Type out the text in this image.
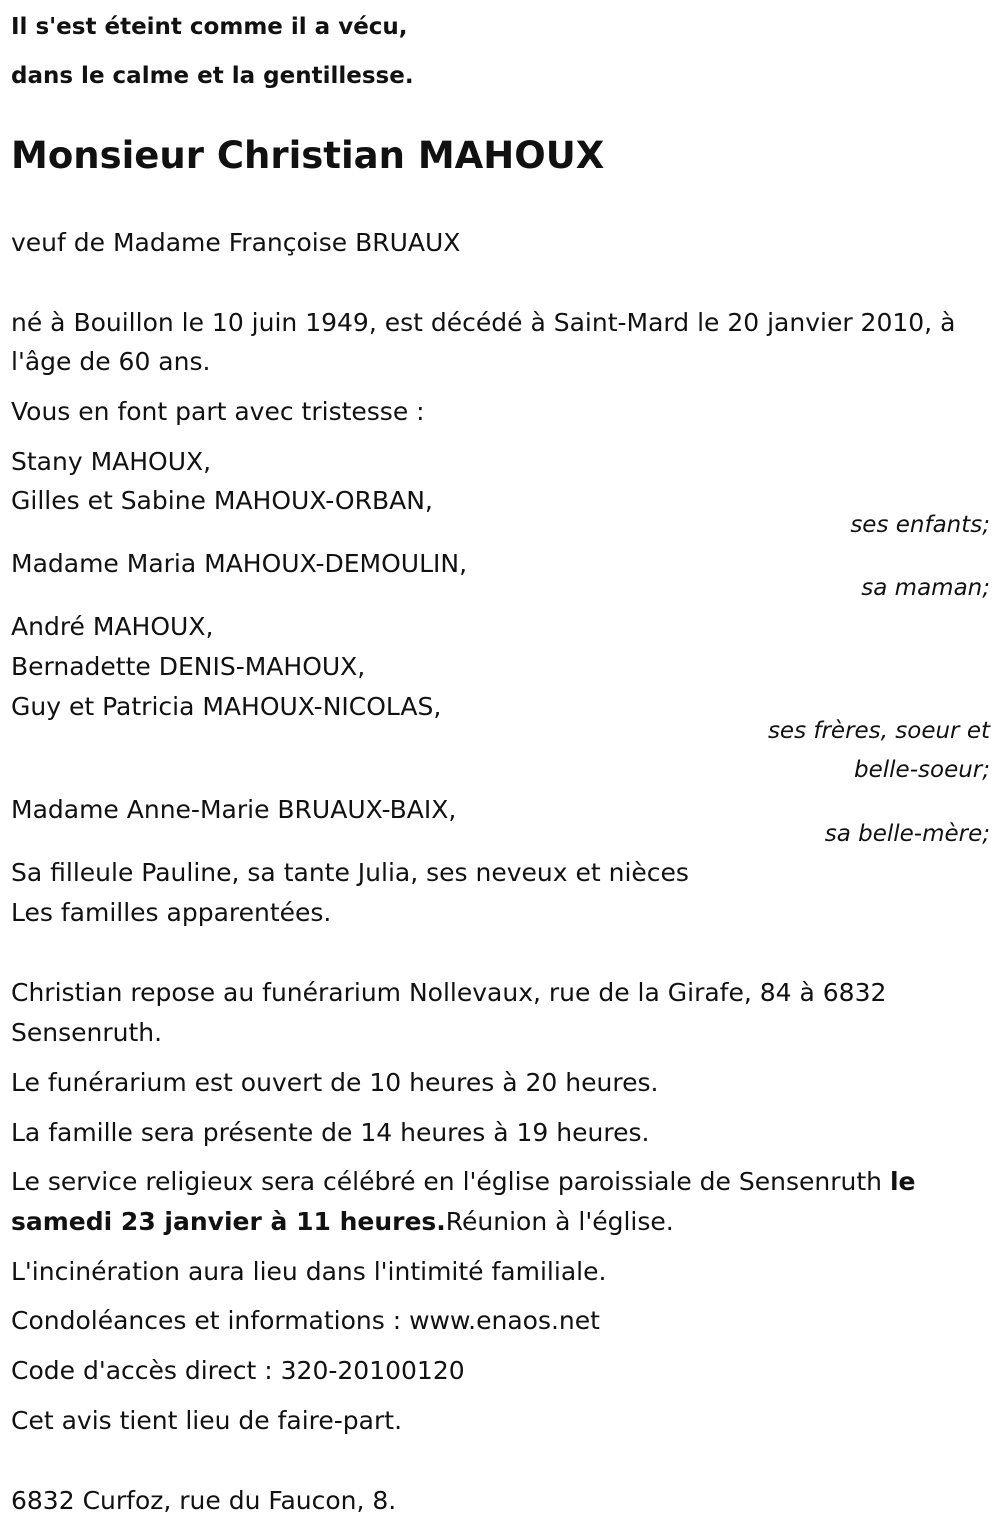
Il s'est éteint comme il a vécu,
dans le calme et la gentillesse.
Monsieur Christian MAHOUX
veuf de Madame Françoise BRUAUX
né à Bouillon le 10 juin 1949, est décédé à Saint-Mard le 20 janvier 2010, à
l'âge de 60 ans.
Vous en font part avec tristesse :
Stany MAHOUX,
Gilles et Sabine MAHOUX-ORBAN,
ses enfants;
Madame Maria MAHOUX-DEMOULIN,
sa maman;
André MAHOUX,
Bernadette DENIS-MAHOUX,
Guy et Patricia MAHOUX-NICOLAS,
ses frères, soeur et
belle-soeur;
Madame Anne-Marie BRUAUX-BAIX,
sa belle-mère;
Sa filleule Pauline, sa tante Julia, ses neveux et nièces
Les familles apparentées.
Christian repose au funérarium Nollevaux, rue de la Girafe, 84 à 6832
Sensenruth.
Le funérarium est ouvert de 10 heures à 20 heures.
La famille sera présente de 14 heures à 19 heures.
Le service religieux sera célébré en l'église paroissiale de Sensenruth le
samedi 23 janvier à 11 heures.Réunion à l'église.
L'incinération aura lieu dans l'intimité familiale.
Condoléances et informations : www.enaos.net
Code d'accès direct : 320-20100120
Cet avis tient lieu de faire-part.
6832 Curfoz, rue du Faucon, 8.
